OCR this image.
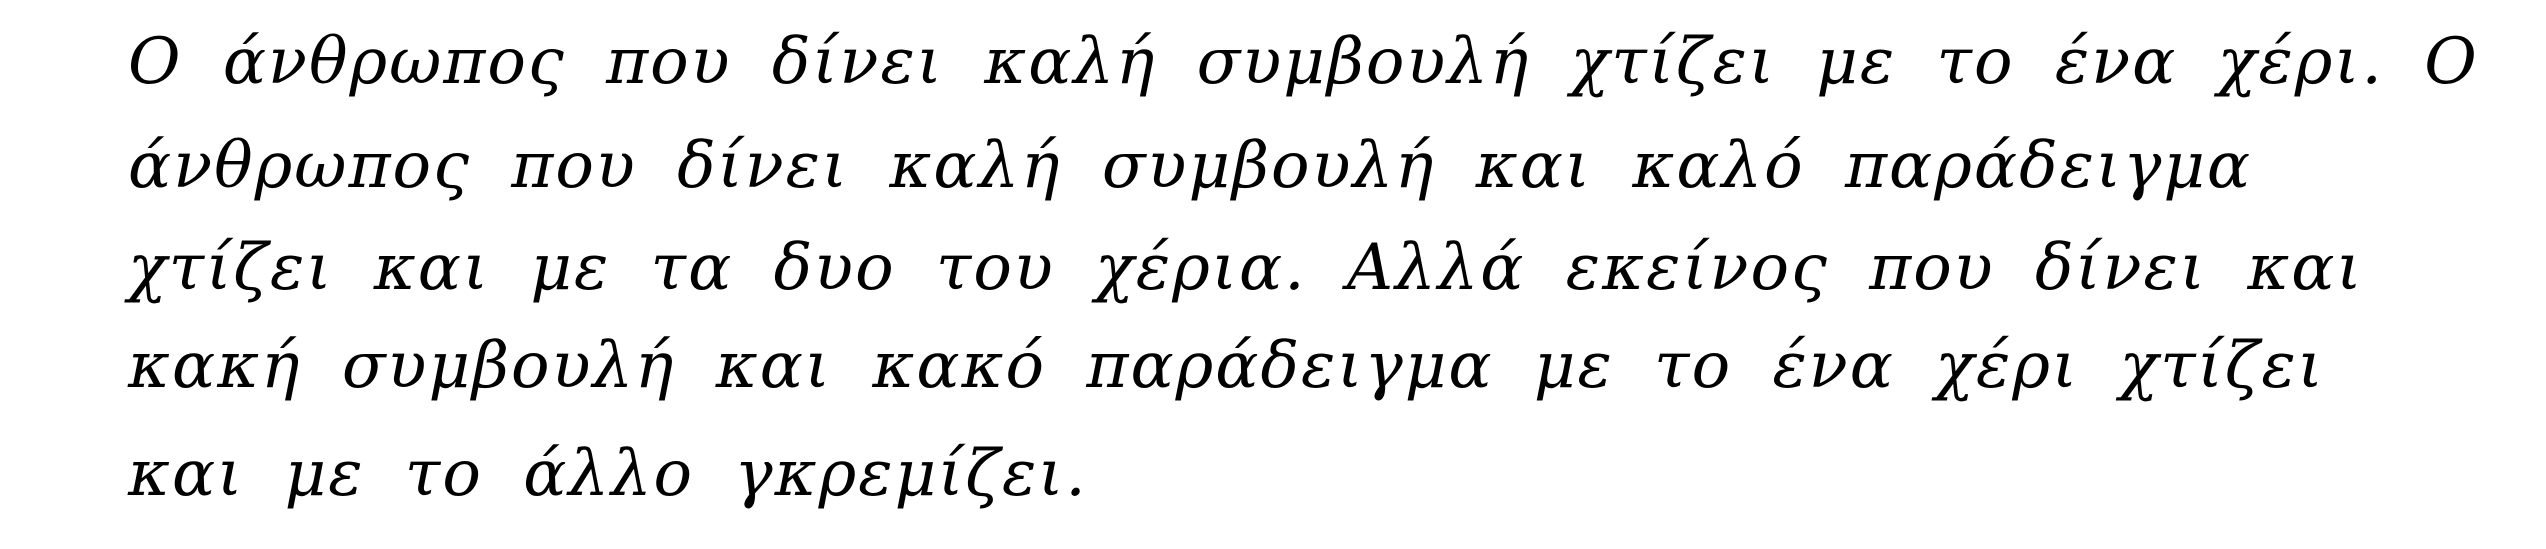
O άνθρωπος που δίνει καλή συμβουλή χτίζει με το ένα χέρι. O
άνθρωπος που δίνει καλή συμβουλή και καλό παράδειγμα
χτίζει και με τα δυο του χέρια. Αλλά εκείνος που δίνει και
κακή συμβουλή και κακό παράδειγμα με το ένα χέρι χτίζει
και με το άλλο γκρεμίζει.
